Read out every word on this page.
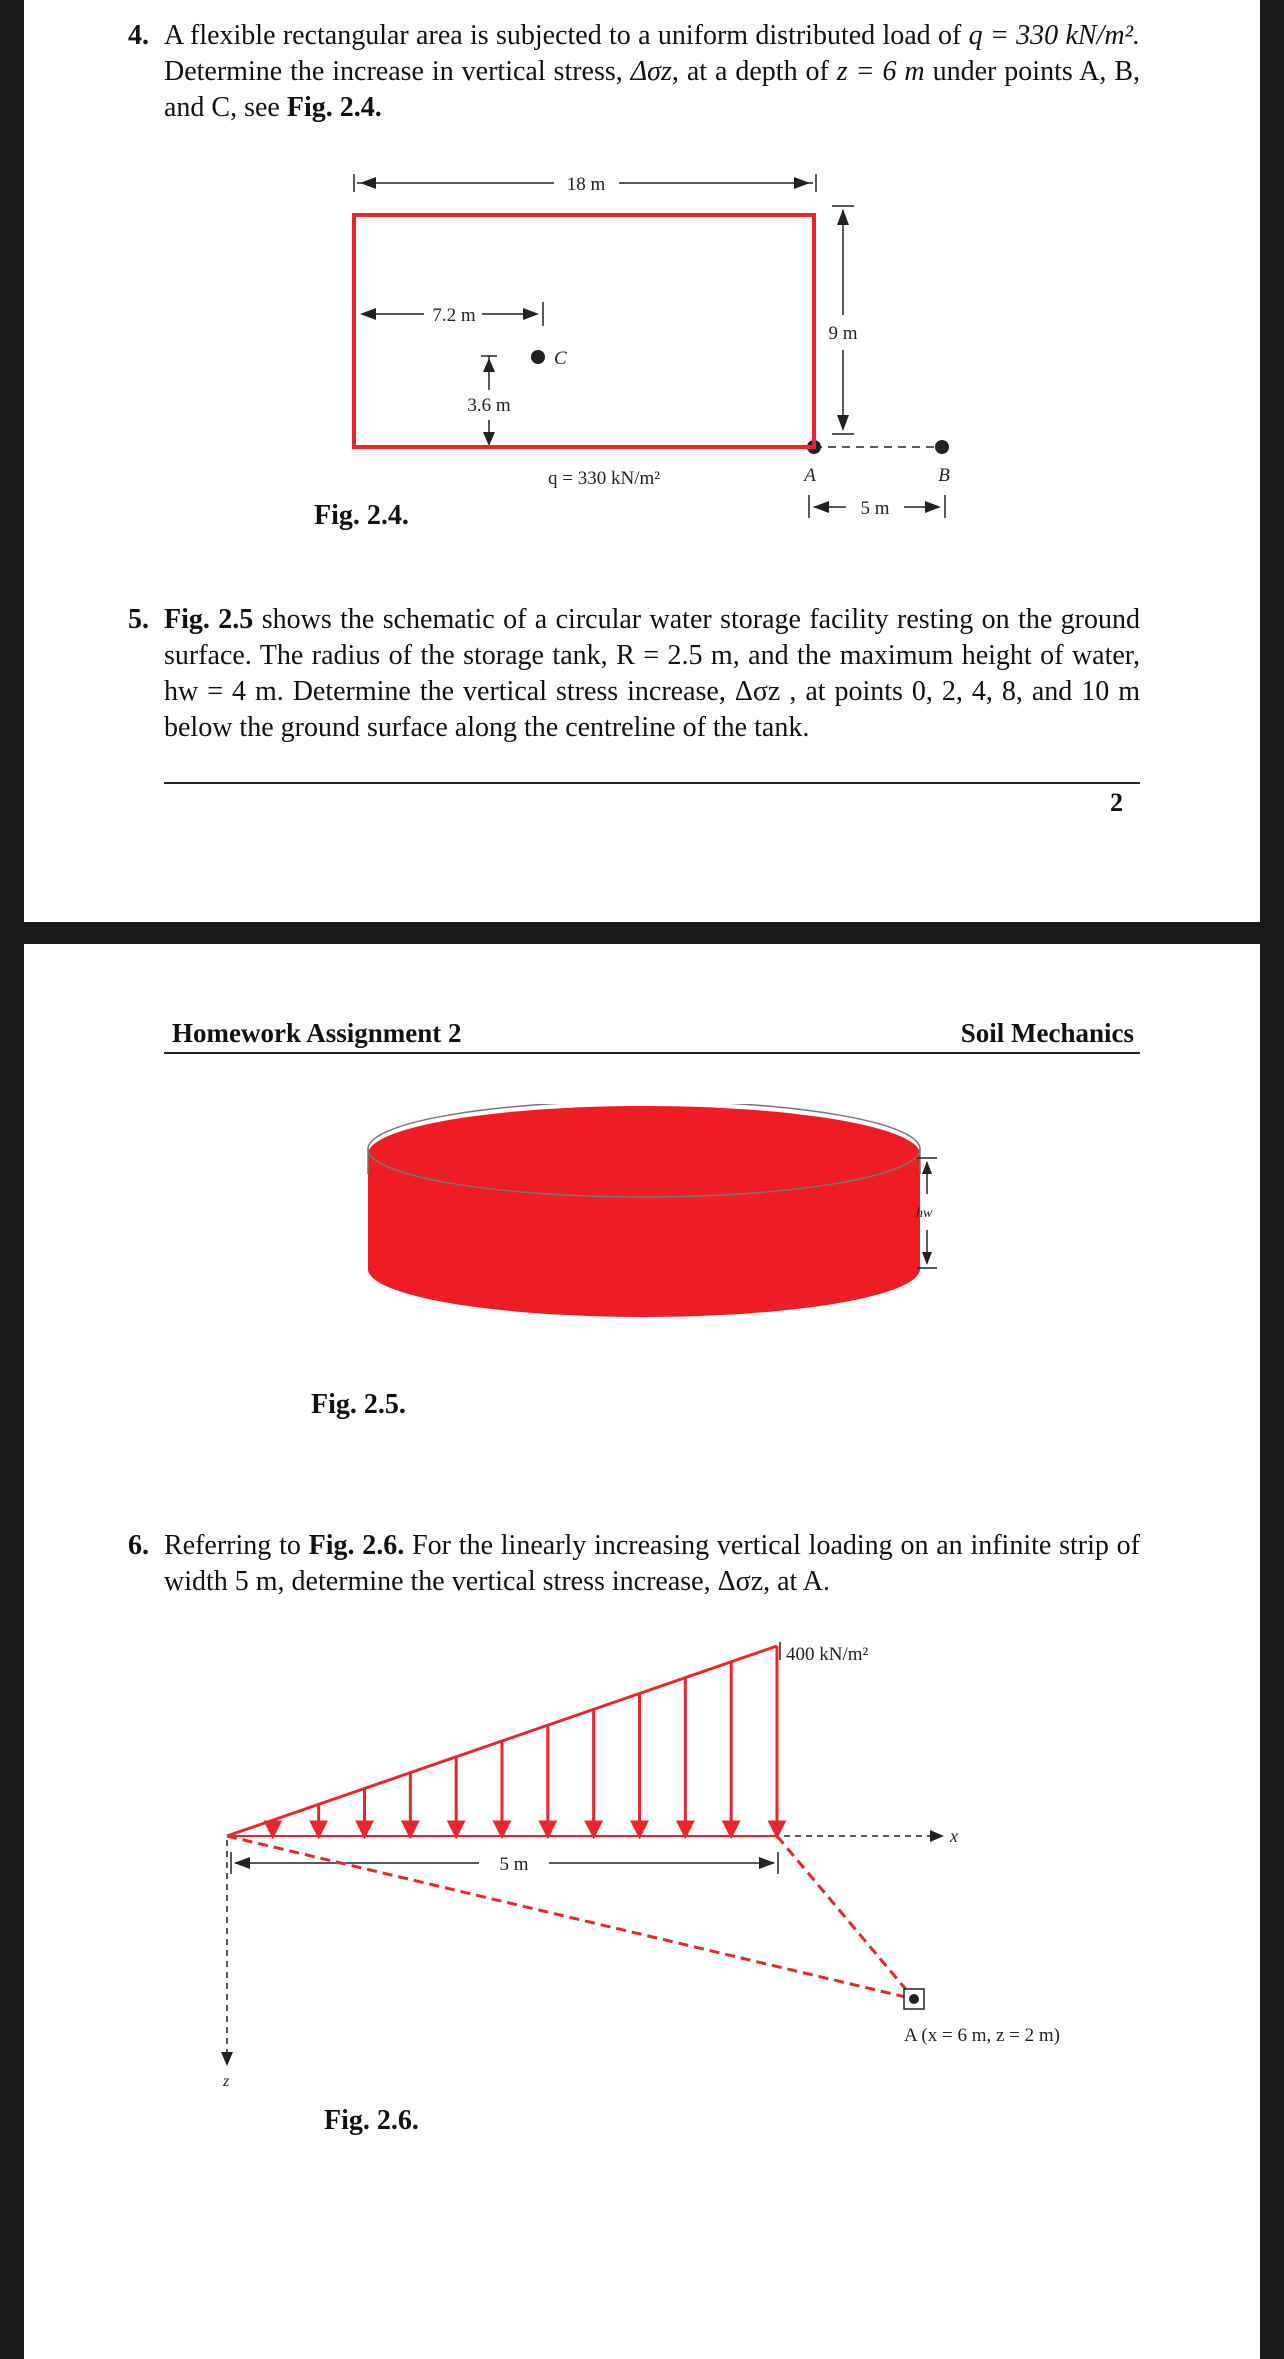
4. A flexible rectangular area is subjected to a uniform distributed load of q = 330 kN/m². Determine the increase in vertical stress, Δσz, at a depth of z = 6 m under points A, B, and C, see Fig. 2.4.
18 m
7.2 m
3.6 m
9 m
C
A	B
5 m
q = 330 kN/m²
Fig. 2.4.
5. Fig. 2.5 shows the schematic of a circular water storage facility resting on the ground surface. The radius of the storage tank, R = 2.5 m, and the maximum height of water, hw = 4 m. Determine the vertical stress increase, Δσz , at points 0, 2, 4, 8, and 10 m below the ground surface along the centreline of the tank.
2
Homework Assignment 2	Soil Mechanics
hw
Fig. 2.5.
6. Referring to Fig. 2.6. For the linearly increasing vertical loading on an infinite strip of width 5 m, determine the vertical stress increase, Δσz, at A.
x
z
5 m
A (x = 6 m, z = 2 m)
400 kN/m²
Fig. 2.6.
